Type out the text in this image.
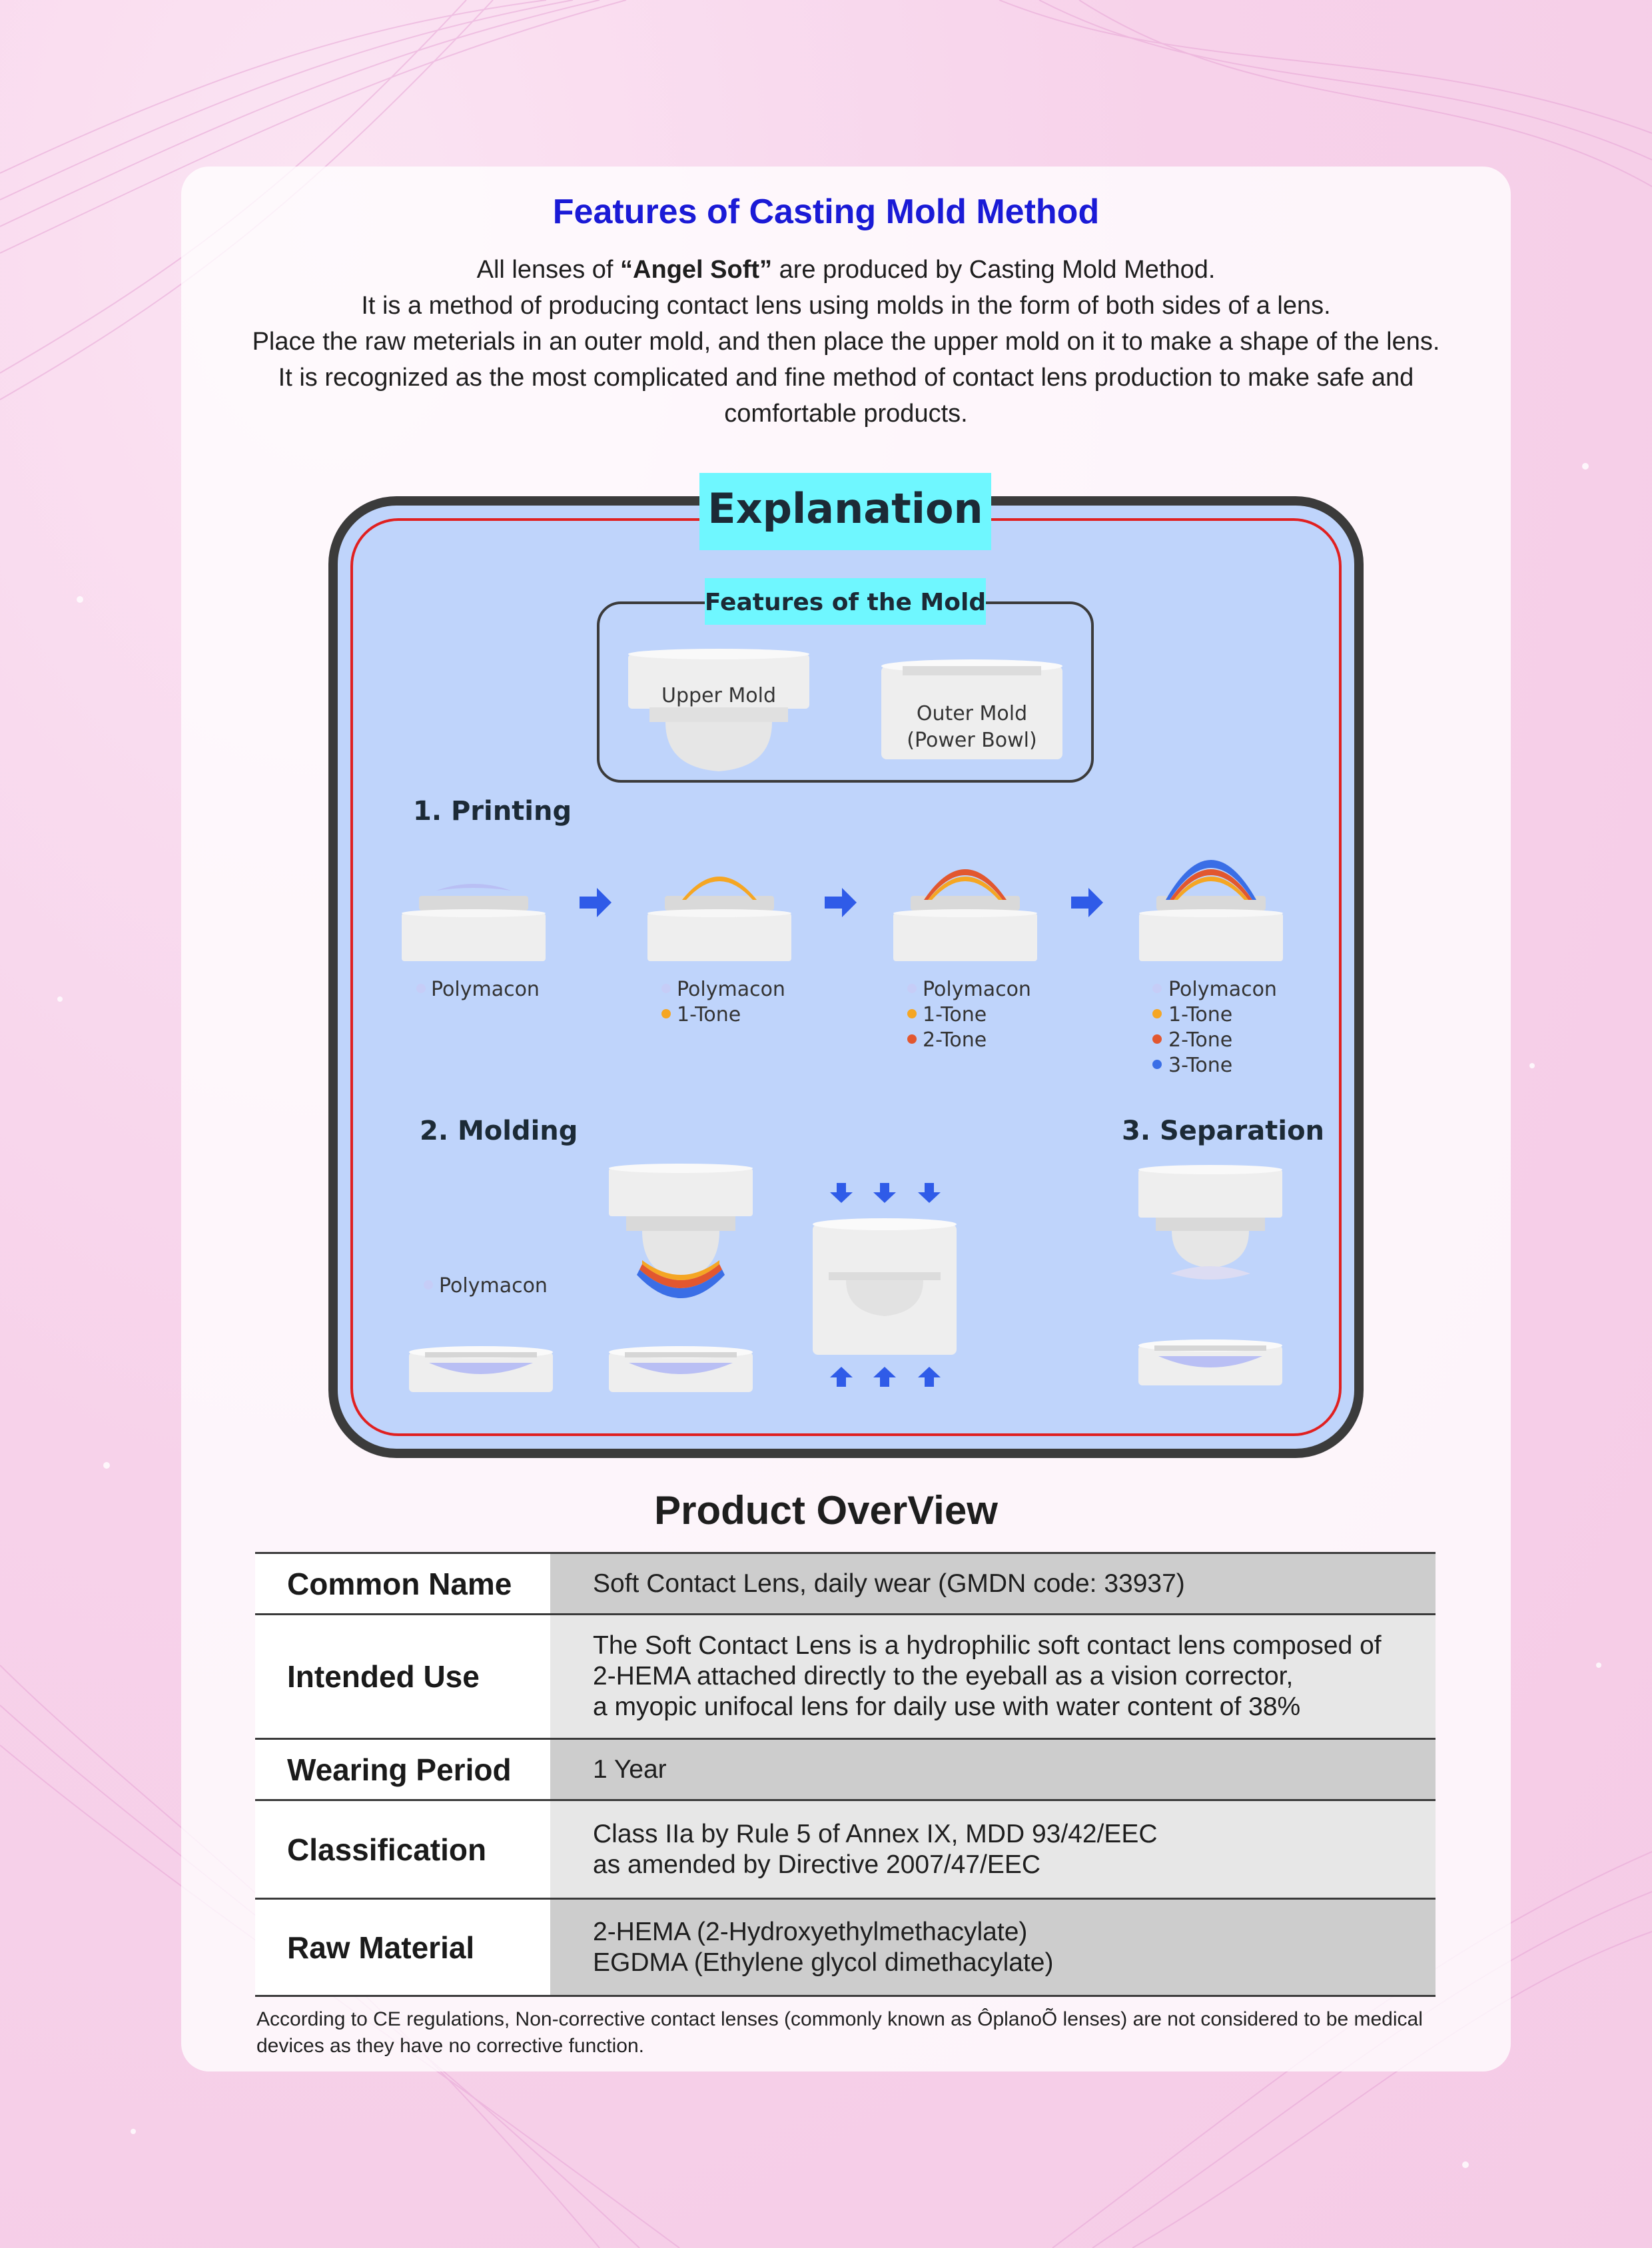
Features of Casting Mold Method
All lenses of “Angel Soft” are produced by Casting Mold Method.
It is a method of producing contact lens using molds in the form of both sides of a lens.
Place the raw meterials in an outer mold, and then place the upper mold on it to make a shape of the lens.
It is recognized as the most complicated and fine method of contact lens production to make safe and
comfortable products.
Explanation
Features of the Mold
Upper Mold
Outer Mold
(Power Bowl)
1. Printing
Polymacon	Polymacon
1-Tone
Polymacon
1-Tone
2-Tone
Polymacon
1-Tone
2-Tone
3-Tone
2. Molding	3. Separation
Polymacon
Product OverView
Common Name	Soft Contact Lens, daily wear (GMDN code: 33937)

Intended Use	The Soft Contact Lens is a hydrophilic soft contact lens composed of
2-HEMA attached directly to the eyeball as a vision corrector,
a myopic unifocal lens for daily use with water content of 38%

Wearing Period	1 Year

Classification	Class IIa by Rule 5 of Annex IX, MDD 93/42/EEC
as amended by Directive 2007/47/EEC

Raw Material	2-HEMA (2-Hydroxyethylmethacylate)
EGDMA (Ethylene glycol dimethacylate)
According to CE regulations, Non-corrective contact lenses (commonly known as ÔplanoÕ lenses) are not considered to be medical devices as they have no corrective function.
